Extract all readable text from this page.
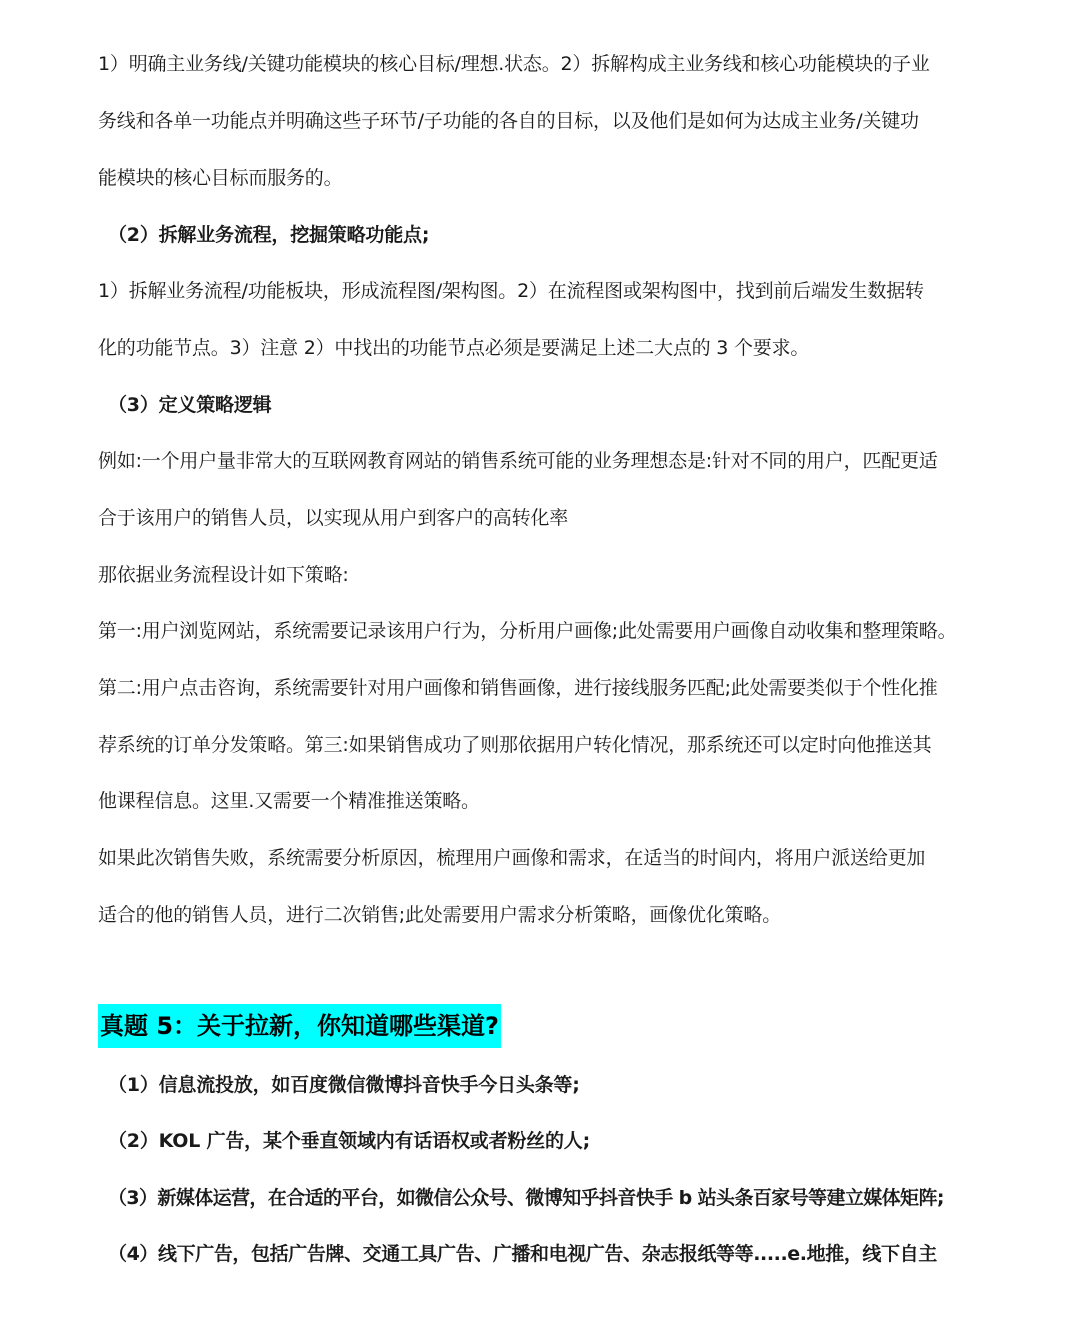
1）明确主业务线/关键功能模块的核心目标/理想.状态。2）拆解构成主业务线和核心功能模块的子业
务线和各单一功能点并明确这些子环节/子功能的各自的目标，以及他们是如何为达成主业务/关键功
能模块的核心目标而服务的。
（2）拆解业务流程，挖掘策略功能点;
1）拆解业务流程/功能板块，形成流程图/架构图。2）在流程图或架构图中，找到前后端发生数据转
化的功能节点。3）注意 2）中找出的功能节点必须是要满足上述二大点的 3 个要求。
（3）定义策略逻辑
例如:一个用户量非常大的互联网教育网站的销售系统可能的业务理想态是:针对不同的用户，匹配更适
合于该用户的销售人员，以实现从用户到客户的高转化率
那依据业务流程设计如下策略:
第一:用户浏览网站，系统需要记录该用户行为，分析用户画像;此处需要用户画像自动收集和整理策略。
第二:用户点击咨询，系统需要针对用户画像和销售画像，进行接线服务匹配;此处需要类似于个性化推
荐系统的订单分发策略。第三:如果销售成功了则那依据用户转化情况，那系统还可以定时向他推送其
他课程信息。这里.又需要一个精准推送策略。
如果此次销售失败，系统需要分析原因，梳理用户画像和需求，在适当的时间内，将用户派送给更加
适合的他的销售人员，进行二次销售;此处需要用户需求分析策略，画像优化策略。
真题 5：关于拉新，你知道哪些渠道?
（1）信息流投放，如百度微信微博抖音快手今日头条等;
（2）KOL 广告，某个垂直领域内有话语权或者粉丝的人;
（3）新媒体运营，在合适的平台，如微信公众号、微博知乎抖音快手 b 站头条百家号等建立媒体矩阵;
（4）线下广告，包括广告牌、交通工具广告、广播和电视广告、杂志报纸等等.....e.地推，线下自主
